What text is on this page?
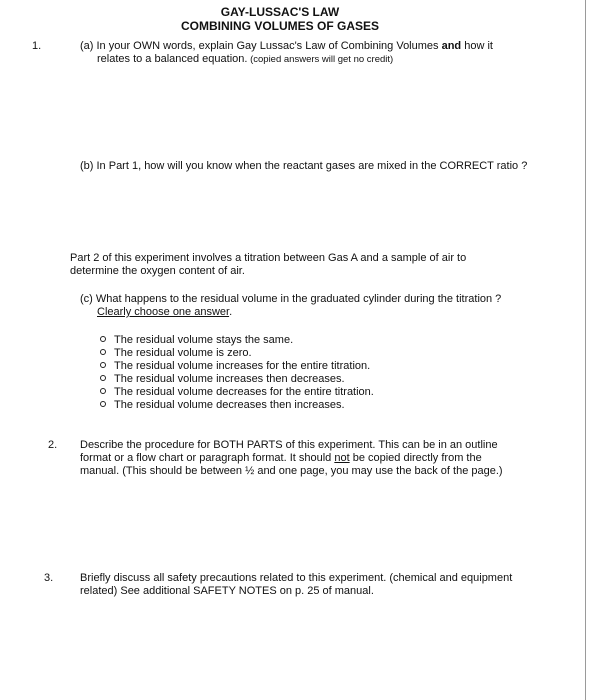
GAY-LUSSAC'S LAW
COMBINING VOLUMES OF GASES
1.	(a) In your OWN words, explain Gay Lussac's Law of Combining Volumes and how it
relates to a balanced equation. (copied answers will get no credit)
(b) In Part 1, how will you know when the reactant gases are mixed in the CORRECT ratio ?
Part 2 of this experiment involves a titration between Gas A and a sample of air to
determine the oxygen content of air.
(c) What happens to the residual volume in the graduated cylinder during the titration ?
Clearly choose one answer.
The residual volume stays the same.
The residual volume is zero.
The residual volume increases for the entire titration.
The residual volume increases then decreases.
The residual volume decreases for the entire titration.
The residual volume decreases then increases.
2. Describe the procedure for BOTH PARTS of this experiment. This can be in an outline
format or a flow chart or paragraph format. It should not be copied directly from the
manual. (This should be between ½ and one page, you may use the back of the page.)
3. Briefly discuss all safety precautions related to this experiment. (chemical and equipment
related) See additional SAFETY NOTES on p. 25 of manual.
